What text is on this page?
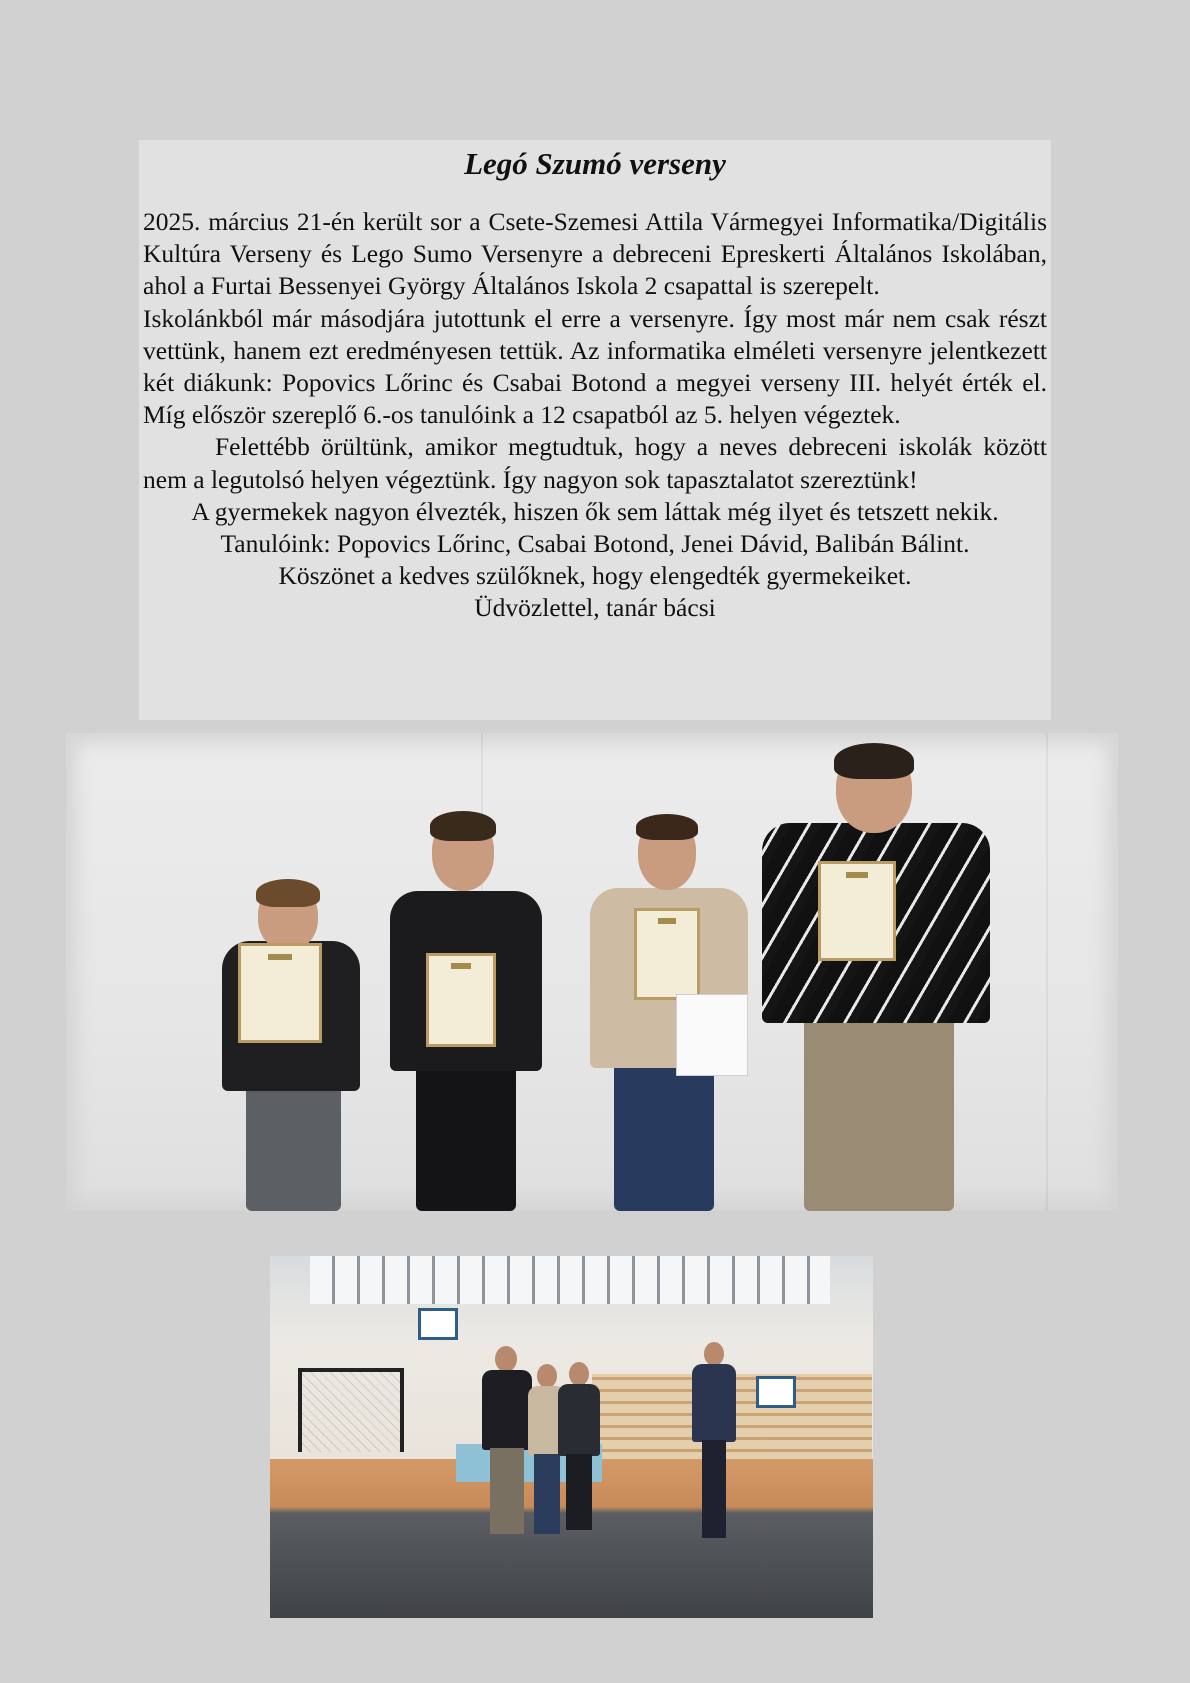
Legó Szumó verseny

2025. március 21-én került sor a Csete-Szemesi Attila Vármegyei Informatika/Digitális Kultúra Verseny és Lego Sumo Versenyre a debreceni Epreskerti Általános Iskolában, ahol a Furtai Bessenyei György Általános Iskola 2 csapattal is szerepelt.

Iskolánkból már másodjára jutottunk el erre a versenyre. Így most már nem csak részt vettünk, hanem ezt eredményesen tettük. Az informatika elméleti versenyre jelentkezett két diákunk: Popovics Lőrinc és Csabai Botond a megyei verseny III. helyét érték el. Míg először szereplő 6.-os tanulóink a 12 csapatból az 5. helyen végeztek.

Felettébb örültünk, amikor megtudtuk, hogy a neves debreceni iskolák között nem a legutolsó helyen végeztünk. Így nagyon sok tapasztalatot szereztünk!

A gyermekek nagyon élvezték, hiszen ők sem láttak még ilyet és tetszett nekik.

Tanulóink: Popovics Lőrinc, Csabai Botond, Jenei Dávid, Balibán Bálint.

Köszönet a kedves szülőknek, hogy elengedték gyermekeiket.

Üdvözlettel, tanár bácsi
